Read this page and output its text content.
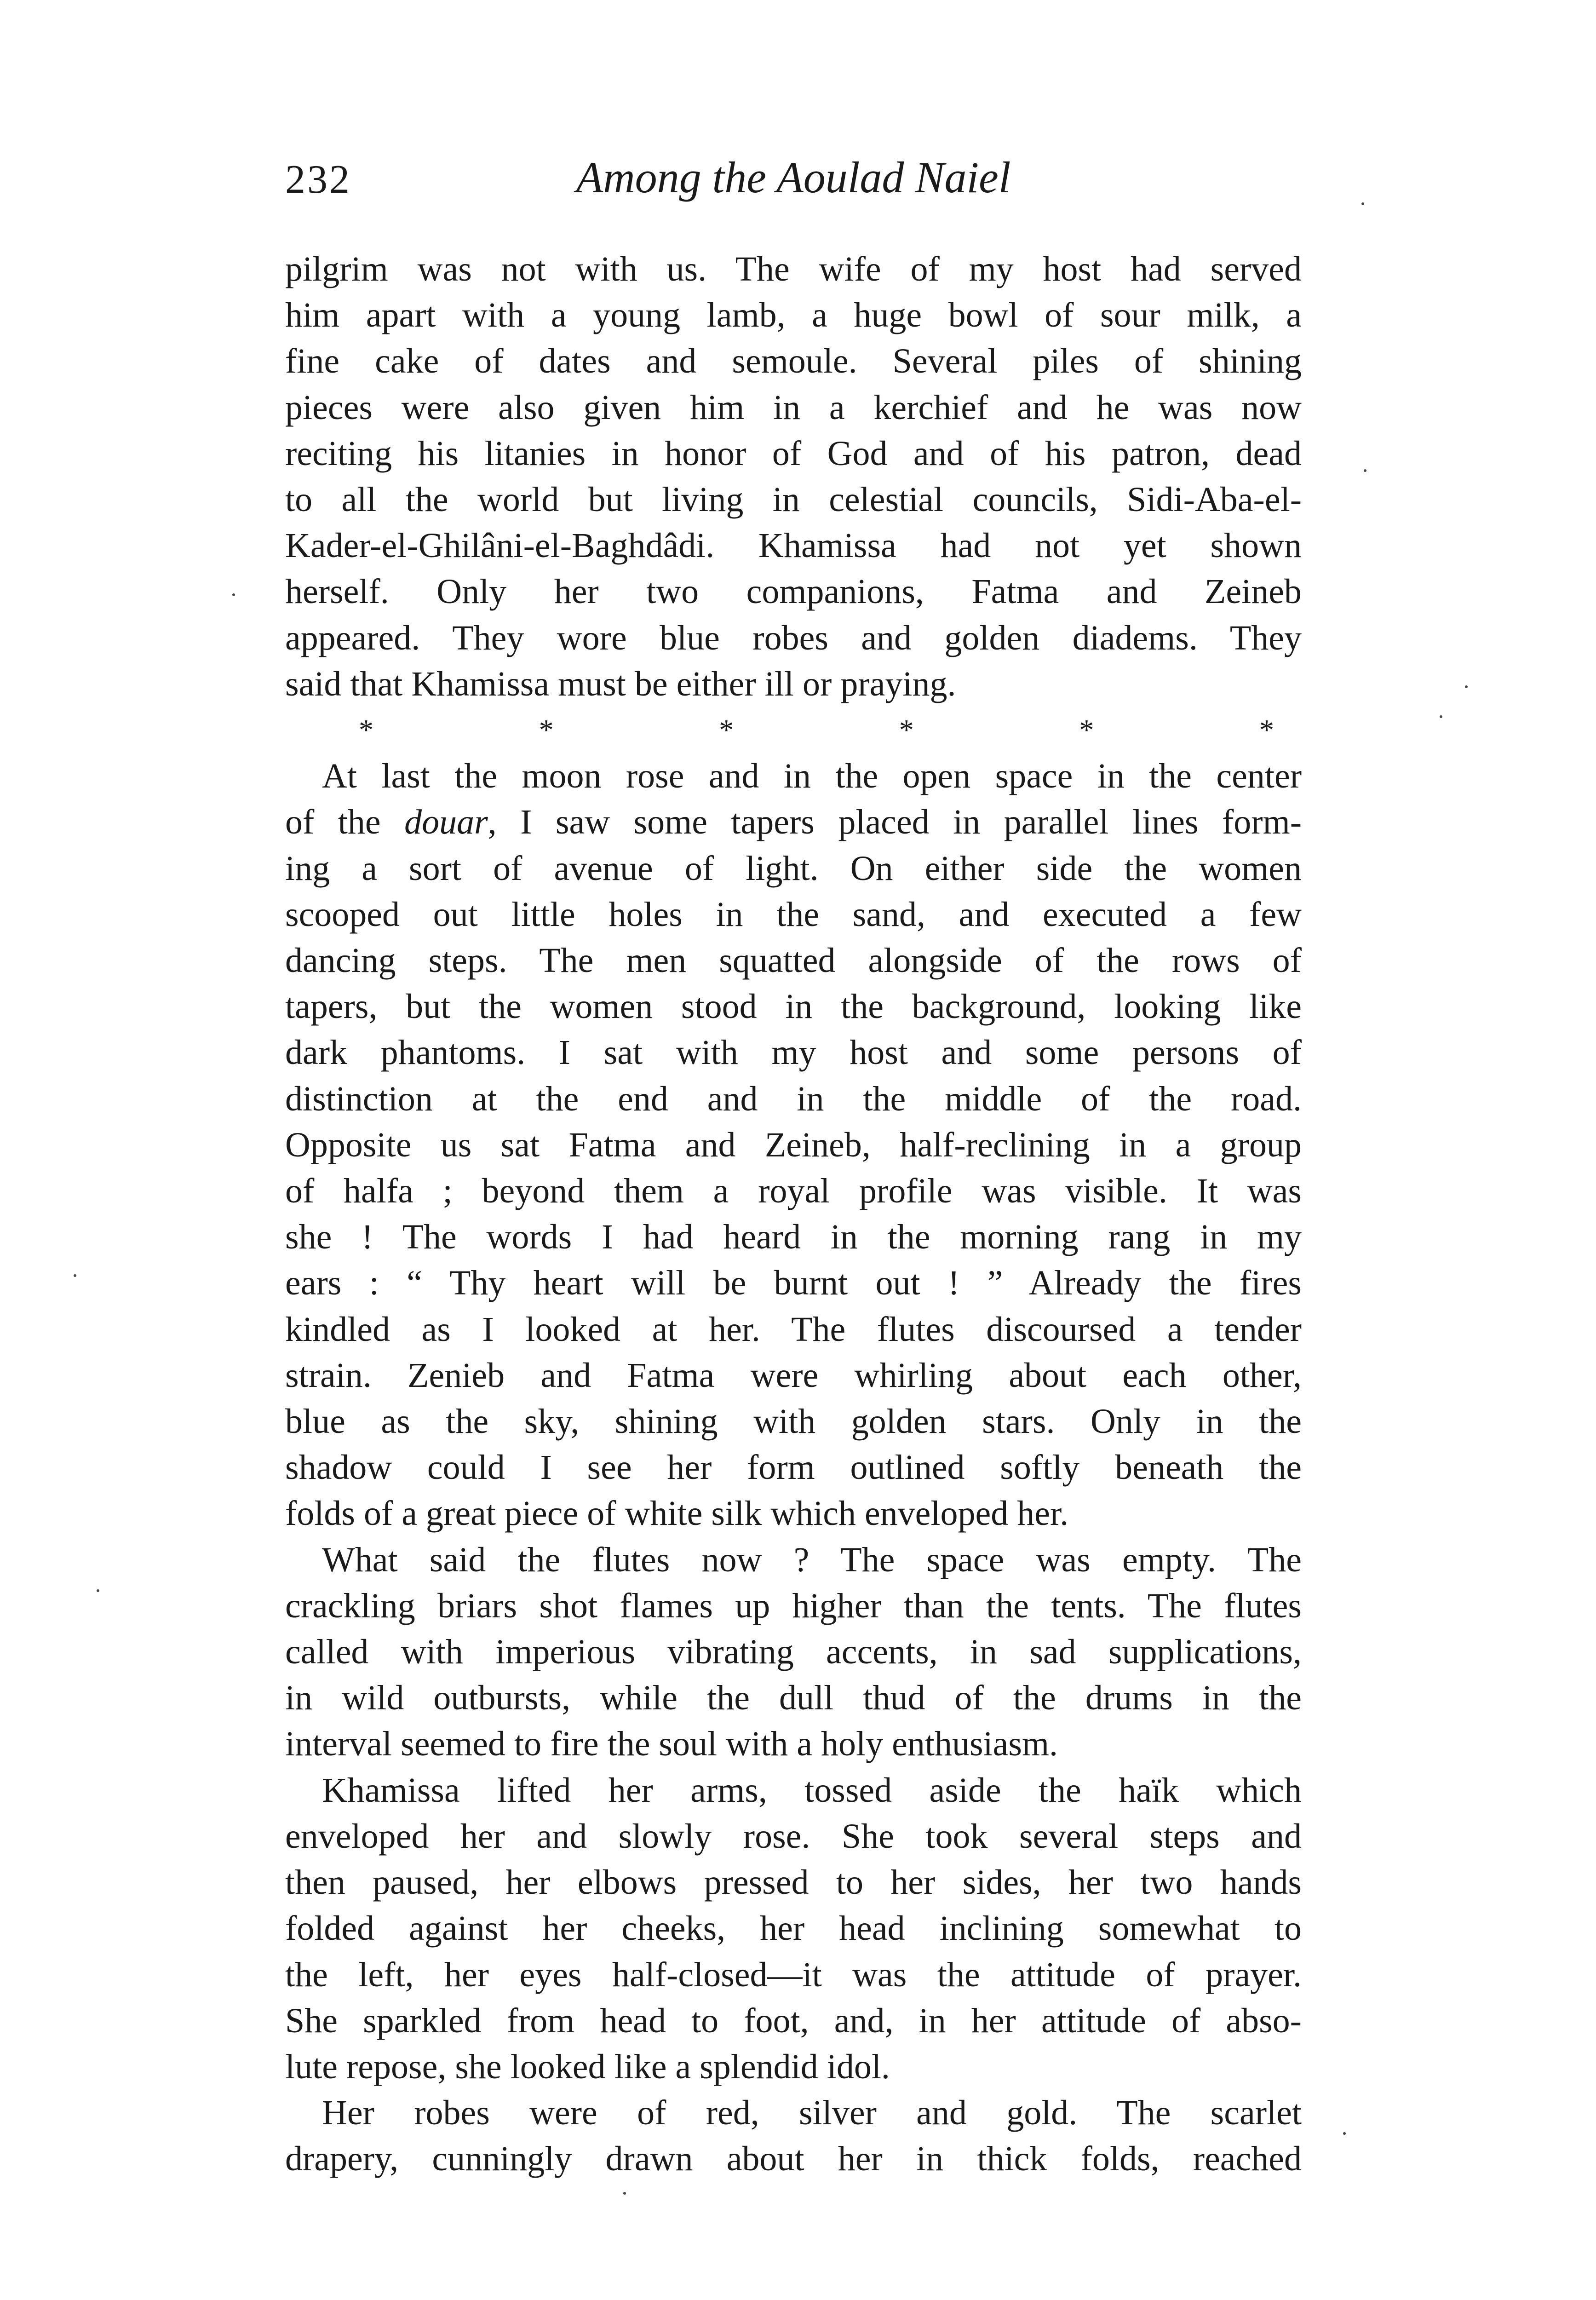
232	Among the Aoulad Naiel
pilgrim was not with us. The wife of my host had served
him apart with a young lamb, a huge bowl of sour milk, a
fine cake of dates and semoule. Several piles of shining
pieces were also given him in a kerchief and he was now
reciting his litanies in honor of God and of his patron, dead
to all the world but living in celestial councils, Sidi-Aba-el-
Kader-el-Ghilâni-el-Baghdâdi. Khamissa had not yet shown
herself. Only her two companions, Fatma and Zeineb
appeared. They wore blue robes and golden diadems. They
said that Khamissa must be either ill or praying.
*	*	*	*	*	*
At last the moon rose and in the open space in the center
of the douar, I saw some tapers placed in parallel lines form-
ing a sort of avenue of light. On either side the women
scooped out little holes in the sand, and executed a few
dancing steps. The men squatted alongside of the rows of
tapers, but the women stood in the background, looking like
dark phantoms. I sat with my host and some persons of
distinction at the end and in the middle of the road.
Opposite us sat Fatma and Zeineb, half-reclining in a group
of halfa ; beyond them a royal profile was visible. It was
she ! The words I had heard in the morning rang in my
ears : “ Thy heart will be burnt out ! ” Already the fires
kindled as I looked at her. The flutes discoursed a tender
strain. Zenieb and Fatma were whirling about each other,
blue as the sky, shining with golden stars. Only in the
shadow could I see her form outlined softly beneath the
folds of a great piece of white silk which enveloped her.
What said the flutes now ? The space was empty. The
crackling briars shot flames up higher than the tents. The flutes
called with imperious vibrating accents, in sad supplications,
in wild outbursts, while the dull thud of the drums in the
interval seemed to fire the soul with a holy enthusiasm.
Khamissa lifted her arms, tossed aside the haïk which
enveloped her and slowly rose. She took several steps and
then paused, her elbows pressed to her sides, her two hands
folded against her cheeks, her head inclining somewhat to
the left, her eyes half-closed—it was the attitude of prayer.
She sparkled from head to foot, and, in her attitude of abso-
lute repose, she looked like a splendid idol.
Her robes were of red, silver and gold. The scarlet
drapery, cunningly drawn about her in thick folds, reached
